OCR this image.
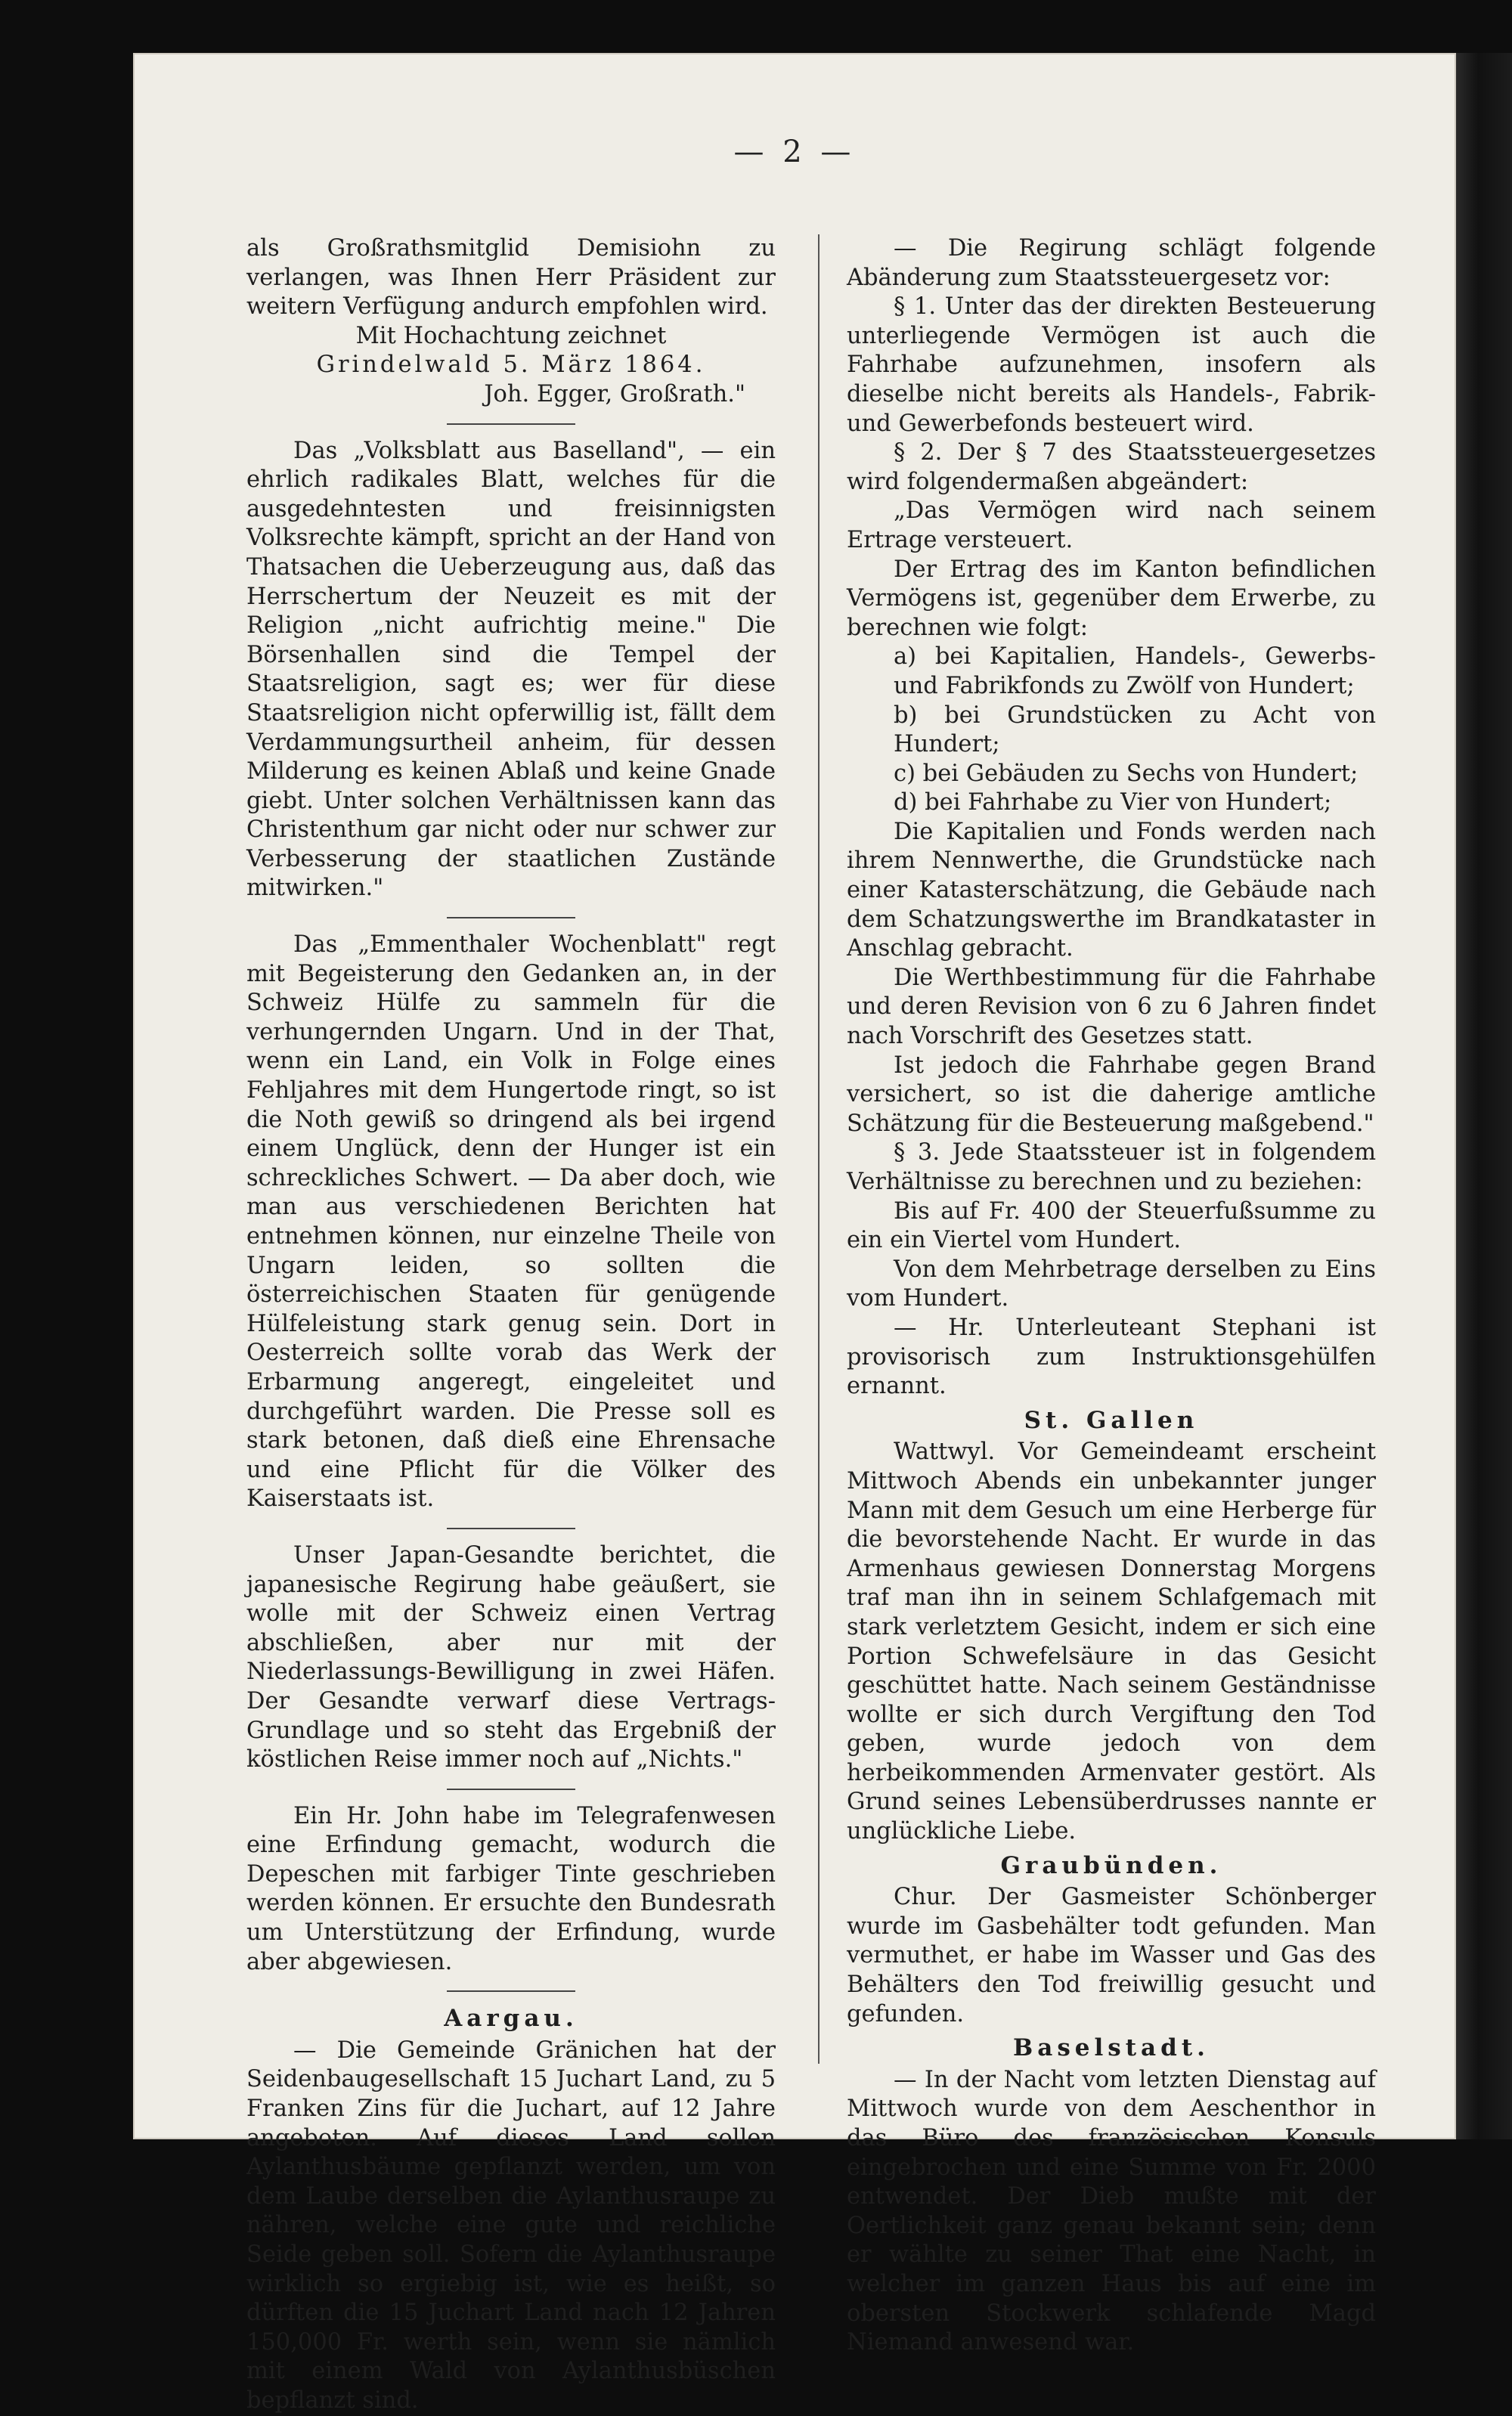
— 2 —

als Großrathsmitglid Demisiohn zu verlangen, was Ihnen Herr Präsident zur weitern Verfügung andurch empfohlen wird.

Mit Hochachtung zeichnet

Grindelwald 5. März 1864.

Joh. Egger, Großrath."

Das „Volksblatt aus Baselland", — ein ehrlich radikales Blatt, welches für die ausgedehntesten und freisinnigsten Volksrechte kämpft, spricht an der Hand von Thatsachen die Ueberzeugung aus, daß das Herrschertum der Neuzeit es mit der Religion „nicht aufrichtig meine." Die Börsenhallen sind die Tempel der Staatsreligion, sagt es; wer für diese Staatsreligion nicht opferwillig ist, fällt dem Verdammungsurtheil anheim, für dessen Milderung es keinen Ablaß und keine Gnade giebt. Unter solchen Verhältnissen kann das Christenthum gar nicht oder nur schwer zur Verbesserung der staatlichen Zustände mitwirken."

Das „Emmenthaler Wochenblatt" regt mit Begeisterung den Gedanken an, in der Schweiz Hülfe zu sammeln für die verhungernden Ungarn. Und in der That, wenn ein Land, ein Volk in Folge eines Fehljahres mit dem Hungertode ringt, so ist die Noth gewiß so dringend als bei irgend einem Unglück, denn der Hunger ist ein schreckliches Schwert. — Da aber doch, wie man aus verschiedenen Berichten hat entnehmen können, nur einzelne Theile von Ungarn leiden, so sollten die österreichischen Staaten für genügende Hülfeleistung stark genug sein. Dort in Oesterreich sollte vorab das Werk der Erbarmung angeregt, eingeleitet und durchgeführt warden. Die Presse soll es stark betonen, daß dieß eine Ehrensache und eine Pflicht für die Völker des Kaiserstaats ist.

Unser Japan-Gesandte berichtet, die japanesische Regirung habe geäußert, sie wolle mit der Schweiz einen Vertrag abschließen, aber nur mit der Niederlassungs-Bewilligung in zwei Häfen. Der Gesandte verwarf diese Vertrags-Grundlage und so steht das Ergebniß der köstlichen Reise immer noch auf „Nichts."

Ein Hr. John habe im Telegrafenwesen eine Erfindung gemacht, wodurch die Depeschen mit farbiger Tinte geschrieben werden können. Er ersuchte den Bundesrath um Unterstützung der Erfindung, wurde aber abgewiesen.

Aargau.

— Die Gemeinde Gränichen hat der Seidenbaugesellschaft 15 Juchart Land, zu 5 Franken Zins für die Juchart, auf 12 Jahre angeboten. Auf dieses Land sollen Aylanthusbäume gepflanzt werden, um von dem Laube derselben die Aylanthusraupe zu nähren, welche eine gute und reichliche Seide geben soll. Sofern die Aylanthusraupe wirklich so ergiebig ist, wie es heißt, so dürften die 15 Juchart Land nach 12 Jahren 150,000 Fr. werth sein, wenn sie nämlich mit einem Wald von Aylanthusbüschen bepflanzt sind.

— Die Regirung schlägt folgende Abänderung zum Staatssteuergesetz vor:

§ 1. Unter das der direkten Besteuerung unterliegende Vermögen ist auch die Fahrhabe aufzunehmen, insofern als dieselbe nicht bereits als Handels-, Fabrik- und Gewerbefonds besteuert wird.

§ 2. Der § 7 des Staatssteuergesetzes wird folgendermaßen abgeändert:

„Das Vermögen wird nach seinem Ertrage versteuert.

Der Ertrag des im Kanton befindlichen Vermögens ist, gegenüber dem Erwerbe, zu berechnen wie folgt:

a) bei Kapitalien, Handels-, Gewerbs- und Fabrikfonds zu Zwölf von Hundert;

b) bei Grundstücken zu Acht von Hundert;

c) bei Gebäuden zu Sechs von Hundert;

d) bei Fahrhabe zu Vier von Hundert;

Die Kapitalien und Fonds werden nach ihrem Nennwerthe, die Grundstücke nach einer Katasterschätzung, die Gebäude nach dem Schatzungswerthe im Brandkataster in Anschlag gebracht.

Die Werthbestimmung für die Fahrhabe und deren Revision von 6 zu 6 Jahren findet nach Vorschrift des Gesetzes statt.

Ist jedoch die Fahrhabe gegen Brand versichert, so ist die daherige amtliche Schätzung für die Besteuerung maßgebend."

§ 3. Jede Staatssteuer ist in folgendem Verhältnisse zu berechnen und zu beziehen:

Bis auf Fr. 400 der Steuerfußsumme zu ein ein Viertel vom Hundert.

Von dem Mehrbetrage derselben zu Eins vom Hundert.

— Hr. Unterleuteant Stephani ist provisorisch zum Instruktionsgehülfen ernannt.

St. Gallen

Wattwyl. Vor Gemeindeamt erscheint Mittwoch Abends ein unbekannter junger Mann mit dem Gesuch um eine Herberge für die bevorstehende Nacht. Er wurde in das Armenhaus gewiesen Donnerstag Morgens traf man ihn in seinem Schlafgemach mit stark verletztem Gesicht, indem er sich eine Portion Schwefelsäure in das Gesicht geschüttet hatte. Nach seinem Geständnisse wollte er sich durch Vergiftung den Tod geben, wurde jedoch von dem herbeikommenden Armenvater gestört. Als Grund seines Lebensüberdrusses nannte er unglückliche Liebe.

Graubünden.

Chur. Der Gasmeister Schönberger wurde im Gasbehälter todt gefunden. Man vermuthet, er habe im Wasser und Gas des Behälters den Tod freiwillig gesucht und gefunden.

Baselstadt.

— In der Nacht vom letzten Dienstag auf Mittwoch wurde von dem Aeschenthor in das Büro des französischen Konsuls eingebrochen und eine Summe von Fr. 2000 entwendet. Der Dieb mußte mit der Oertlichkeit ganz genau bekannt sein; denn er wählte zu seiner That eine Nacht, in welcher im ganzen Haus bis auf eine im obersten Stockwerk schlafende Magd Niemand anwesend war.
